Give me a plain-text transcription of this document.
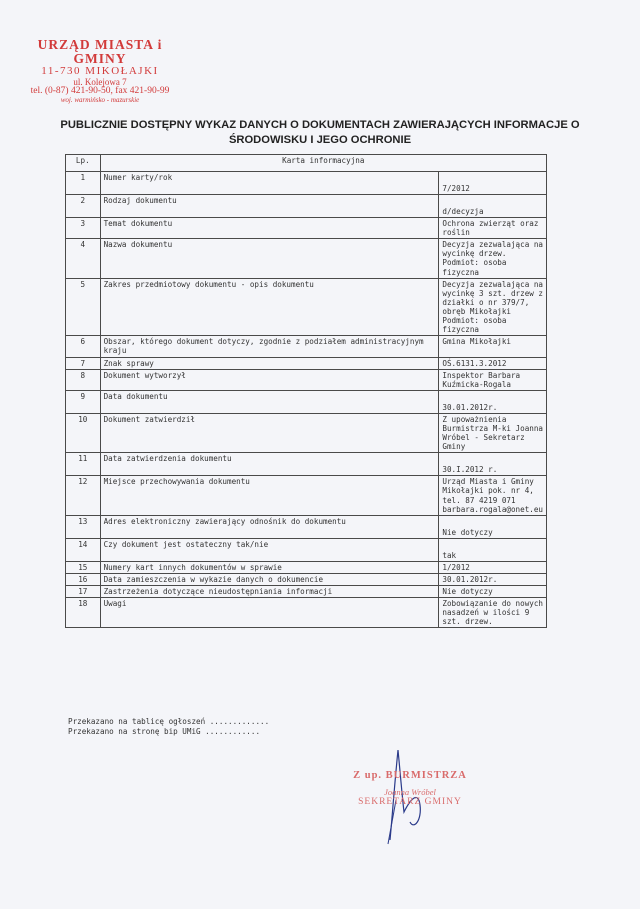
URZĄD MIASTA i GMINY
11-730 MIKOŁAJKI
ul. Kolejowa 7
tel. (0-87) 421-90-50, fax 421-90-99
woj. warmińsko - mazurskie
PUBLICZNIE DOSTĘPNY WYKAZ DANYCH O DOKUMENTACH ZAWIERAJĄCYCH INFORMACJE O ŚRODOWISKU I JEGO OCHRONIE
Lp.	Karta informacyjna	
1	Numer karty/rok	7/2012
2	Rodzaj dokumentu	d/decyzja
3	Temat dokumentu	Ochrona zwierząt oraz roślin
4	Nazwa dokumentu	Decyzja zezwalająca na wycinkę drzew. Podmiot: osoba fizyczna
5	Zakres przedmiotowy dokumentu - opis dokumentu	Decyzja zezwalająca na wycinkę 3 szt. drzew z działki o nr 379/7, obręb Mikołajki Podmiot: osoba fizyczna
6	Obszar, którego dokument dotyczy, zgodnie z podziałem administracyjnym kraju	Gmina Mikołajki
7	Znak sprawy	OŚ.6131.3.2012
8	Dokument wytworzył	Inspektor Barbara Kuźmicka-Rogala
9	Data dokumentu	30.01.2012r.
10	Dokument zatwierdził	Z upoważnienia Burmistrza M-ki Joanna Wróbel - Sekretarz Gminy
11	Data zatwierdzenia dokumentu	30.I.2012 r.
12	Miejsce przechowywania dokumentu	Urząd Miasta i Gminy Mikołajki pok. nr 4, tel. 87 4219 071 barbara.rogala@onet.eu
13	Adres elektroniczny zawierający odnośnik do dokumentu	Nie dotyczy
14	Czy dokument jest ostateczny tak/nie	tak
15	Numery kart innych dokumentów w sprawie	1/2012
16	Data zamieszczenia w wykazie danych o dokumencie	30.01.2012r.
17	Zastrzeżenia dotyczące nieudostępniania informacji	Nie dotyczy
18	Uwagi	Zobowiązanie do nowych nasadzeń w ilości 9 szt. drzew.
Przekazano na tablicę ogłoszeń .............
Przekazano na stronę bip UMiG ............
Z up. BURMISTRZA
Joanna Wróbel
SEKRETARZ GMINY
